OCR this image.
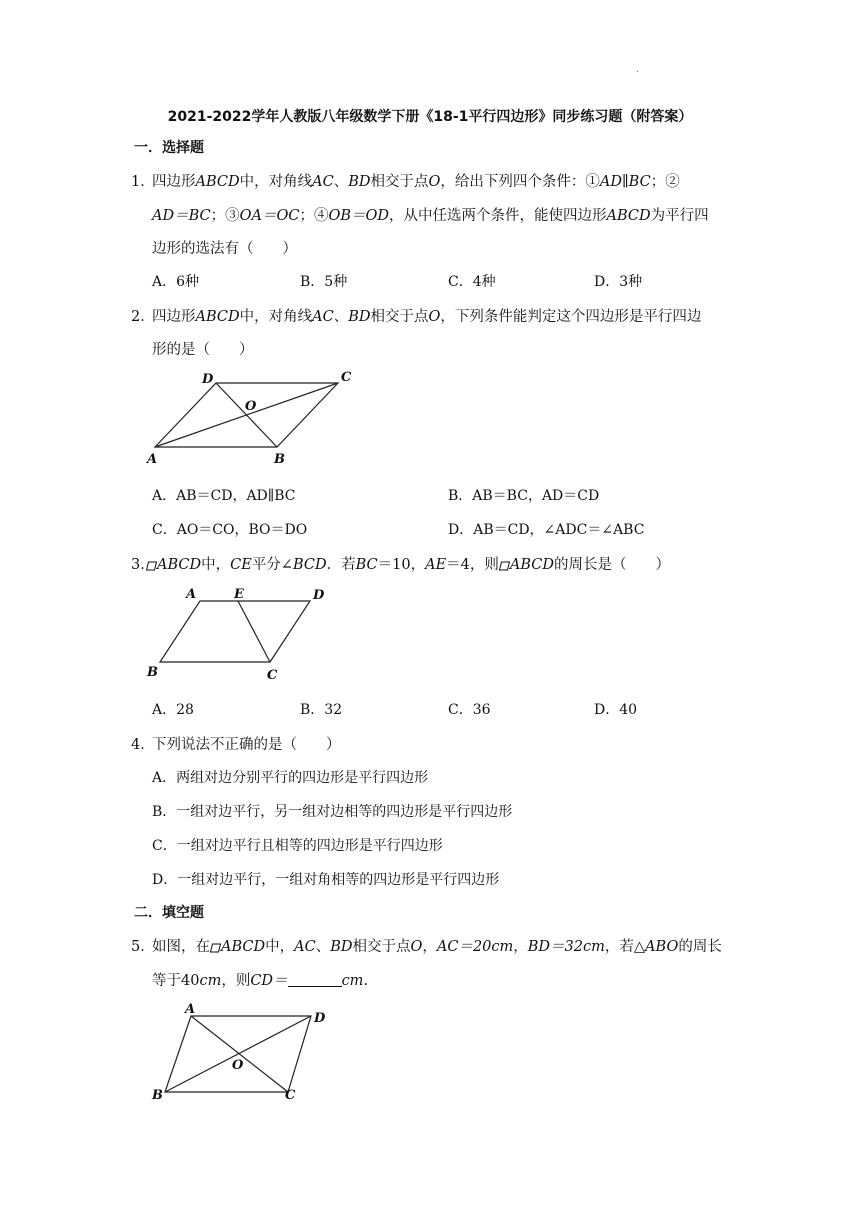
.
2021-2022学年人教版八年级数学下册《18-1平行四边形》同步练习题（附答案）
一．选择题
1．
四边形ABCD中，对角线AC、BD相交于点O，给出下列四个条件：①AD∥BC；②
AD＝BC；③OA＝OC；④OB＝OD，从中任选两个条件，能使四边形ABCD为平行四
边形的选法有（　　）
A．6种	B．5种	C．4种	D．3种
2．
四边形ABCD中，对角线AC、BD相交于点O，下列条件能判定这个四边形是平行四边
形的是（　　）
D	C
O
A	B
A．AB＝CD，AD∥BC	B．AB＝BC，AD＝CD
C．AO＝CO，BO＝DO	D．AB＝CD，∠ADC＝∠ABC
3． ABCD中，CE平分∠BCD．若BC＝10，AE＝4，则 ABCD的周长是（　　）
A	E	D
B	C
A．28	B．32	C．36	D．40
4．
下列说法不正确的是（　　）
A．两组对边分别平行的四边形是平行四边形
B．一组对边平行，另一组对边相等的四边形是平行四边形
C．一组对边平行且相等的四边形是平行四边形
D．一组对边平行，一组对角相等的四边形是平行四边形
二．填空题
5．
如图，在 ABCD中，AC、BD相交于点O，AC＝20cm，BD＝32cm，若△ABO的周长
等于40cm，则CD＝	cm.
A
D
O
B	C
